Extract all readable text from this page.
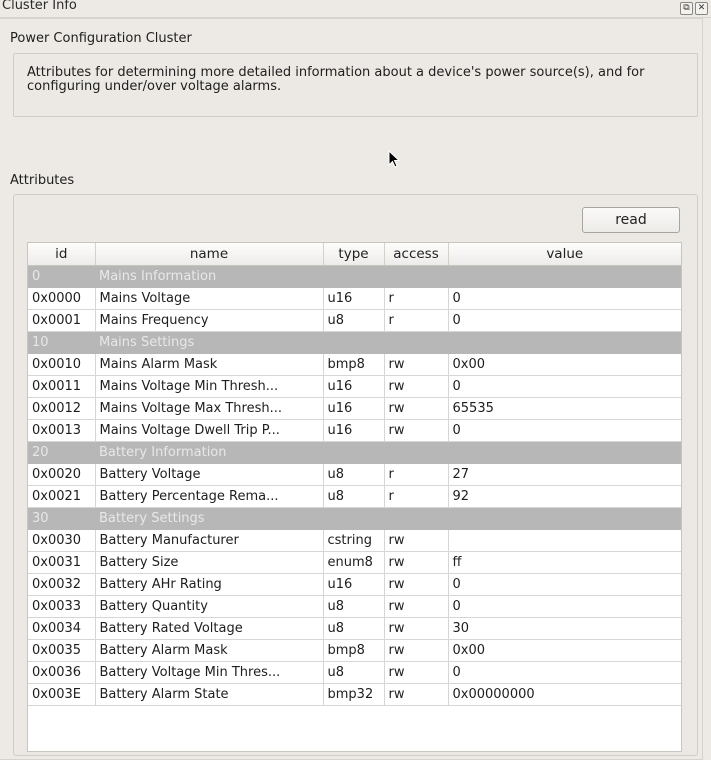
Cluster Info	⧉ ✕
Power Configuration Cluster
Attributes for determining more detailed information about a device's power source(s), and for configuring under/over voltage alarms.
Attributes
read
id	name	type	access	value
0	Mains Information			
0x0000	Mains Voltage	u16	r	0
0x0001	Mains Frequency	u8	r	0
10	Mains Settings			
0x0010	Mains Alarm Mask	bmp8	rw	0x00
0x0011	Mains Voltage Min Thresh...	u16	rw	0
0x0012	Mains Voltage Max Thresh...	u16	rw	65535
0x0013	Mains Voltage Dwell Trip P...	u16	rw	0
20	Battery Information			
0x0020	Battery Voltage	u8	r	27
0x0021	Battery Percentage Rema...	u8	r	92
30	Battery Settings			
0x0030	Battery Manufacturer	cstring	rw	
0x0031	Battery Size	enum8	rw	ff
0x0032	Battery AHr Rating	u16	rw	0
0x0033	Battery Quantity	u8	rw	0
0x0034	Battery Rated Voltage	u8	rw	30
0x0035	Battery Alarm Mask	bmp8	rw	0x00
0x0036	Battery Voltage Min Thres...	u8	rw	0
0x003E	Battery Alarm State	bmp32	rw	0x00000000
